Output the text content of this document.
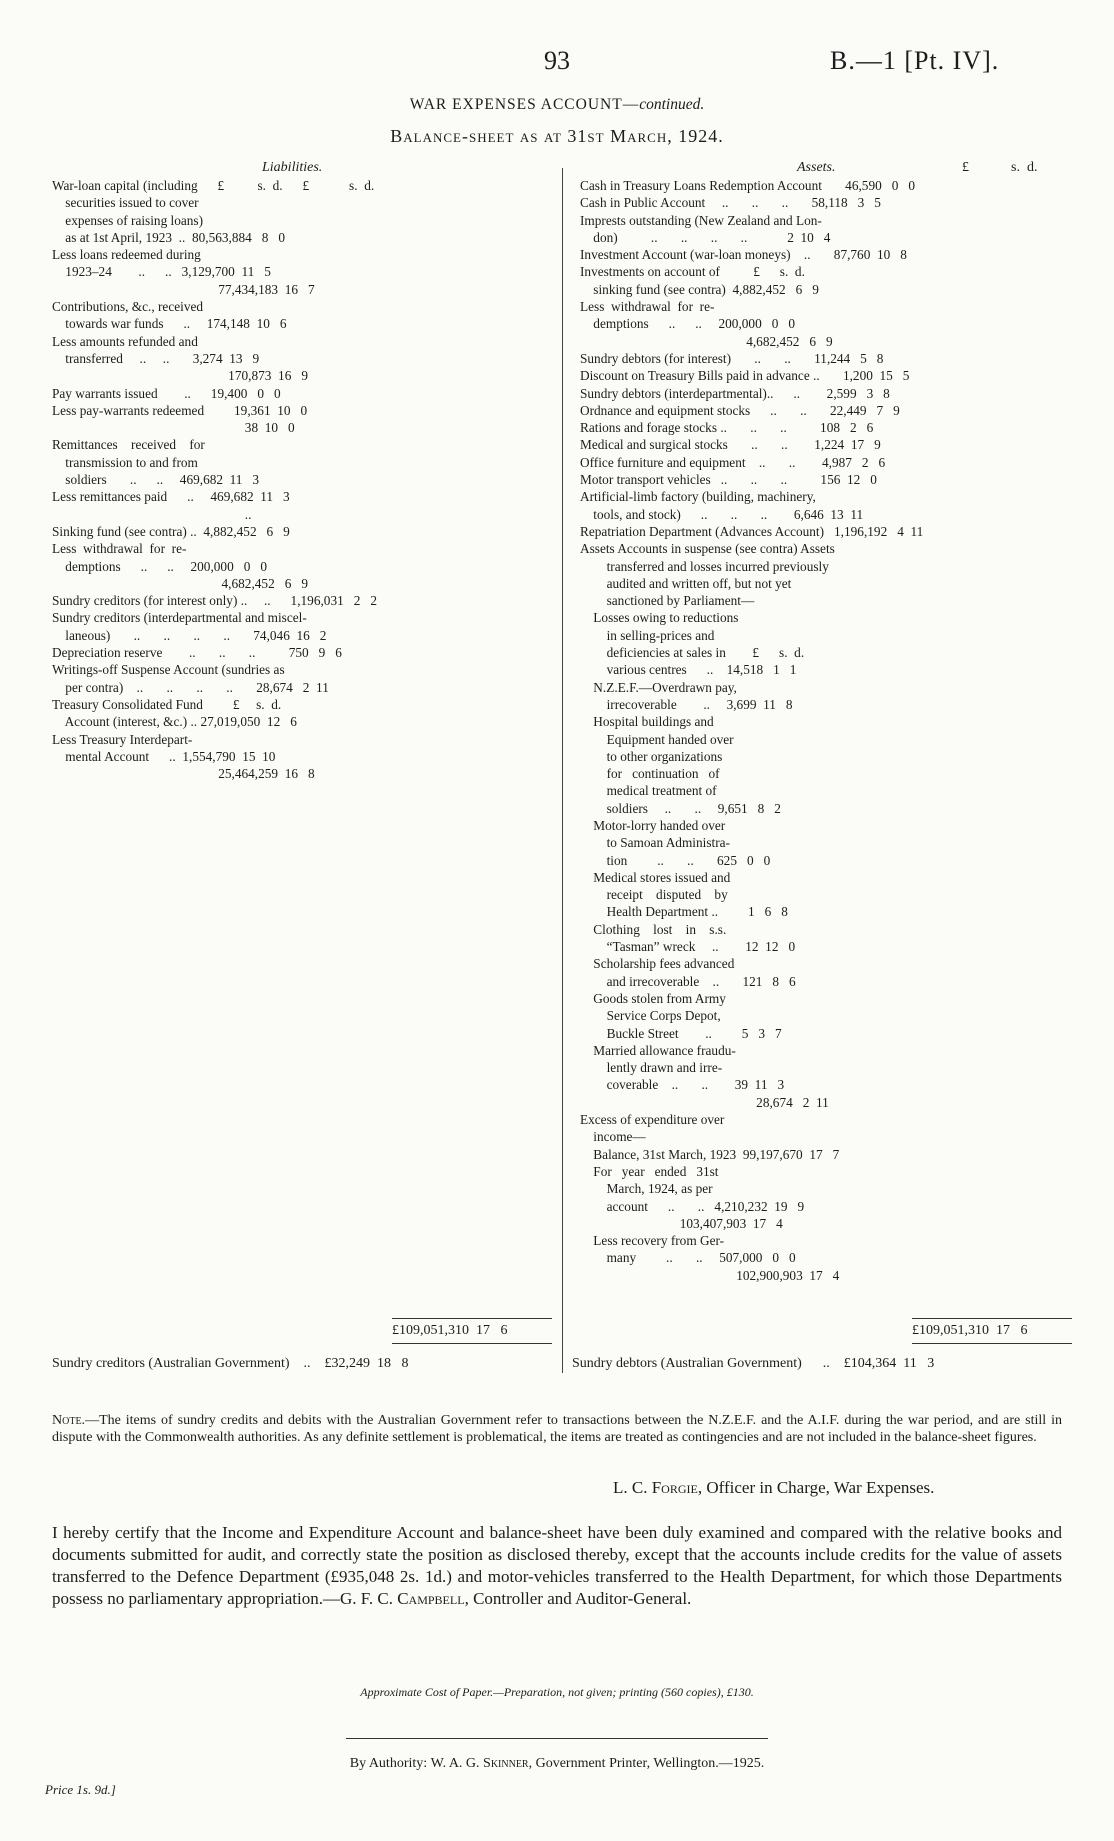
93	B.—1 [Pt. IV].
WAR EXPENSES ACCOUNT—continued.
Balance-sheet as at 31st March, 1924.
Liabilities.	Assets.	£            s.  d.
War-loan capital (including      £          s.  d.      £            s.  d.
securities issued to cover
expenses of raising loans)
as at 1st April, 1923  ..  80,563,884   8   0
Less loans redeemed during
1923–24        ..      ..   3,129,700  11   5
77,434,183  16   7
Contributions, &c., received
towards war funds      ..     174,148  10   6
Less amounts refunded and
transferred     ..     ..       3,274  13   9
170,873  16   9
Pay warrants issued        ..      19,400   0   0
Less pay-warrants redeemed         19,361  10   0
38  10   0
Remittances    received    for
transmission to and from
soldiers       ..      ..     469,682  11   3
Less remittances paid      ..     469,682  11   3
..
Sinking fund (see contra) ..  4,882,452   6   9
Less  withdrawal  for  re-
demptions      ..      ..     200,000   0   0
4,682,452   6   9
Sundry creditors (for interest only) ..     ..      1,196,031   2   2
Sundry creditors (interdepartmental and miscel-
laneous)       ..       ..       ..       ..       74,046  16   2
Depreciation reserve        ..       ..       ..          750   9   6
Writings-off Suspense Account (sundries as
per contra)    ..       ..       ..       ..       28,674   2  11
Treasury Consolidated Fund         £     s.  d.
Account (interest, &c.) .. 27,019,050  12   6
Less Treasury Interdepart-
mental Account      ..  1,554,790  15  10
25,464,259  16   8
Cash in Treasury Loans Redemption Account       46,590   0   0
Cash in Public Account     ..       ..       ..       58,118   3   5
Imprests outstanding (New Zealand and Lon-
don)          ..       ..       ..       ..            2  10   4
Investment Account (war-loan moneys)    ..       87,760  10   8
Investments on account of          £      s.  d.
sinking fund (see contra)  4,882,452   6   9
Less  withdrawal  for  re-
demptions      ..      ..     200,000   0   0
4,682,452   6   9
Sundry debtors (for interest)       ..       ..       11,244   5   8
Discount on Treasury Bills paid in advance ..       1,200  15   5
Sundry debtors (interdepartmental)..      ..        2,599   3   8
Ordnance and equipment stocks      ..       ..       22,449   7   9
Rations and forage stocks ..       ..       ..          108   2   6
Medical and surgical stocks       ..       ..        1,224  17   9
Office furniture and equipment    ..       ..        4,987   2   6
Motor transport vehicles   ..       ..       ..          156  12   0
Artificial-limb factory (building, machinery,
tools, and stock)      ..       ..       ..        6,646  13  11
Repatriation Department (Advances Account)   1,196,192   4  11
Assets Accounts in suspense (see contra) Assets
transferred and losses incurred previously
audited and written off, but not yet
sanctioned by Parliament—
Losses owing to reductions
in selling-prices and
deficiencies at sales in        £      s.  d.
various centres      ..    14,518   1   1
N.Z.E.F.—Overdrawn pay,
irrecoverable        ..     3,699  11   8
Hospital buildings and
Equipment handed over
to other organizations
for   continuation   of
medical treatment of
soldiers     ..       ..     9,651   8   2
Motor-lorry handed over
to Samoan Administra-
tion         ..       ..       625   0   0
Medical stores issued and
receipt    disputed    by
Health Department ..         1   6   8
Clothing    lost    in    s.s.
“Tasman” wreck     ..        12  12   0
Scholarship fees advanced
and irrecoverable    ..       121   8   6
Goods stolen from Army
Service Corps Depot,
Buckle Street        ..         5   3   7
Married allowance fraudu-
lently drawn and irre-
coverable    ..       ..        39  11   3
28,674   2  11
Excess of expenditure over
income—
Balance, 31st March, 1923  99,197,670  17   7
For   year   ended   31st
March, 1924, as per
account      ..       ..   4,210,232  19   9
103,407,903  17   4
Less recovery from Ger-
many         ..       ..     507,000   0   0
102,900,903  17   4
£109,051,310  17   6
Sundry creditors (Australian Government)    ..    £32,249  18   8
£109,051,310  17   6
Sundry debtors (Australian Government)      ..    £104,364  11   3
Note.—The items of sundry credits and debits with the Australian Government refer to transactions between the N.Z.E.F. and the A.I.F. during the war period, and are still in dispute with the Commonwealth authorities. As any definite settlement is problematical, the items are treated as contingencies and are not included in the balance-sheet figures.
L. C. Forgie, Officer in Charge, War Expenses.
I hereby certify that the Income and Expenditure Account and balance-sheet have been duly examined and compared with the relative books and documents submitted for audit, and correctly state the position as disclosed thereby, except that the accounts include credits for the value of assets transferred to the Defence Department (£935,048 2s. 1d.) and motor-vehicles transferred to the Health Department, for which those Departments possess no parliamentary appropriation.—G. F. C. Campbell, Controller and Auditor-General.
Approximate Cost of Paper.—Preparation, not given; printing (560 copies), £130.
By Authority: W. A. G. Skinner, Government Printer, Wellington.—1925.
Price 1s. 9d.]
